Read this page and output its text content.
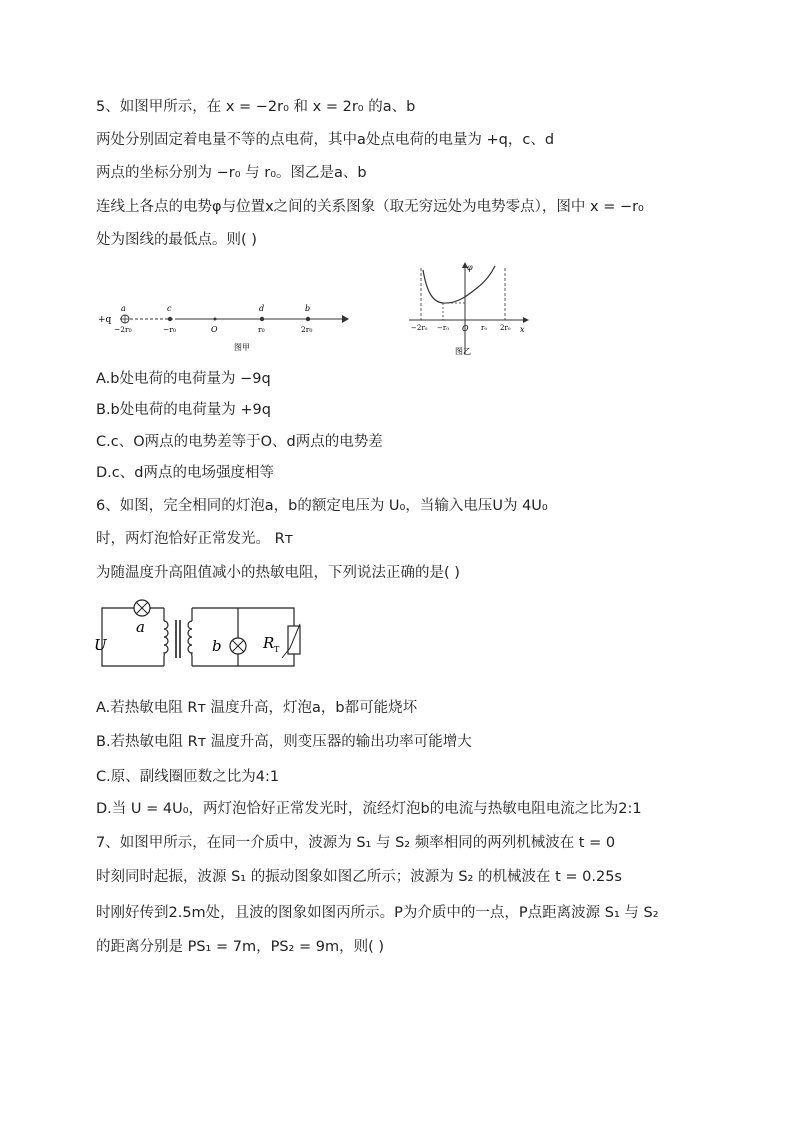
5、如图甲所示，在 x = −2r₀ 和 x = 2r₀ 的a、b
两处分别固定着电量不等的点电荷，其中a处点电荷的电量为 +q，c、d
两点的坐标分别为 −r₀ 与 r₀。图乙是a、b
连线上各点的电势φ与位置x之间的关系图象（取无穷远处为电势零点），图中 x = −r₀
处为图线的最低点。则( )
+q
a	c	d	b
−2r₀	−r₀	O	r₀	2r₀
图甲
φ
x
−2r₀ −r₀ O r₀ 2r₀
图乙
A.b处电荷的电荷量为 −9q
B.b处电荷的电荷量为 +9q
C.c、O两点的电势差等于O、d两点的电势差
D.c、d两点的电场强度相等
6、如图，完全相同的灯泡a，b的额定电压为 U₀，当输入电压U为 4U₀
时，两灯泡恰好正常发光。 Rᴛ
为随温度升高阻值减小的热敏电阻，下列说法正确的是( )
U
a
b	R T
A.若热敏电阻 Rᴛ 温度升高，灯泡a，b都可能烧坏
B.若热敏电阻 Rᴛ 温度升高，则变压器的输出功率可能增大
C.原、副线圈匝数之比为4:1
D.当 U = 4U₀，两灯泡恰好正常发光时，流经灯泡b的电流与热敏电阻电流之比为2:1
7、如图甲所示，在同一介质中，波源为 S₁ 与 S₂ 频率相同的两列机械波在 t = 0
时刻同时起振，波源 S₁ 的振动图象如图乙所示；波源为 S₂ 的机械波在 t = 0.25s
时刚好传到2.5m处，且波的图象如图丙所示。P为介质中的一点，P点距离波源 S₁ 与 S₂
的距离分别是 PS₁ = 7m，PS₂ = 9m，则( )
